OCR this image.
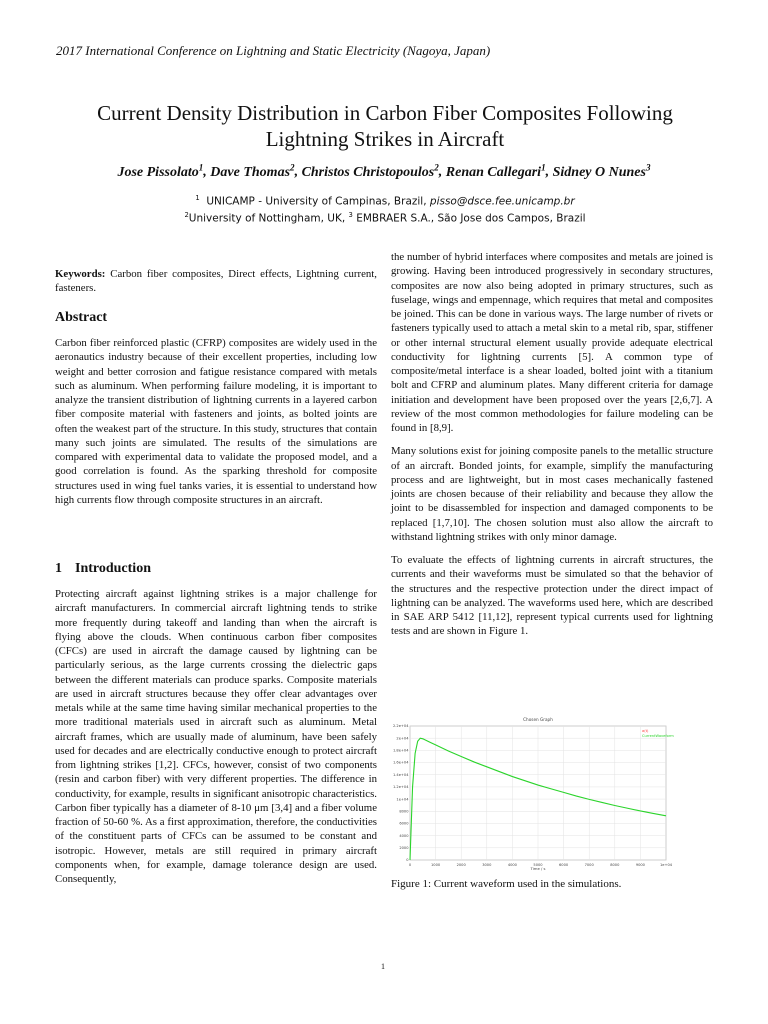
2017 International Conference on Lightning and Static Electricity (Nagoya, Japan)
Current Density Distribution in Carbon Fiber Composites Following
Lightning Strikes in Aircraft
Jose Pissolato$^1$, Dave Thomas$^2$, Christos Christopoulos$^2$, Renan Callegari$^1$, Sidney O Nunes$^3$
$^1$ UNICAMP - University of Campinas, Brazil, pisso@dsce.fee.unicamp.br
$^2$University of Nottingham, UK, $^3$ EMBRAER S.A., São Jose dos Campos, Brazil
Keywords: Carbon fiber composites, Direct effects, Lightning current, fasteners.
Abstract

Carbon fiber reinforced plastic (CFRP) composites are widely used in the aeronautics industry because of their excellent properties, including low weight and better corrosion and fatigue resistance compared with metals such as aluminum. When performing failure modeling, it is important to analyze the transient distribution of lightning currents in a layered carbon fiber composite material with fasteners and joints, as bolted joints are often the weakest part of the structure. In this study, structures that contain many such joints are simulated. The results of the simulations are compared with experimental data to validate the proposed model, and a good correlation is found. As the sparking threshold for composite structures used in wing fuel tanks varies, it is essential to understand how high currents flow through composite structures in an aircraft.

1 Introduction

Protecting aircraft against lightning strikes is a major challenge for aircraft manufacturers. In commercial aircraft lightning tends to strike more frequently during takeoff and landing than when the aircraft is flying above the clouds. When continuous carbon fiber composites (CFCs) are used in aircraft the damage caused by lightning can be particularly serious, as the large currents crossing the dielectric gaps between the different materials can produce sparks. Composite materials are used in aircraft structures because they offer clear advantages over metals while at the same time having similar mechanical properties to the more traditional materials used in aircraft such as aluminum. Metal aircraft frames, which are usually made of aluminum, have been safely used for decades and are electrically conductive enough to protect aircraft from lightning strikes [1,2]. CFCs, however, consist of two components (resin and carbon fiber) with very different properties. The difference in conductivity, for example, results in significant anisotropic characteristics. Carbon fiber typically has a diameter of 8-10 μm [3,4] and a fiber volume fraction of 50-60 %. As a first approximation, therefore, the conductivities of the constituent parts of CFCs can be assumed to be constant and isotropic. However, metals are still required in primary aircraft components when, for example, damage tolerance design are used. Consequently,

the number of hybrid interfaces where composites and metals are joined is growing. Having been introduced progressively in secondary structures, composites are now also being adopted in primary structures, such as fuselage, wings and empennage, which requires that metal and composites be joined. This can be done in various ways. The large number of rivets or fasteners typically used to attach a metal skin to a metal rib, spar, stiffener or other internal structural element usually provide adequate electrical conductivity for lightning currents [5]. A common type of composite/metal interface is a shear loaded, bolted joint with a titanium bolt and CFRP and aluminum plates. Many different criteria for damage initiation and development have been proposed over the years [2,6,7]. A review of the most common methodologies for failure modeling can be found in [8,9].

Many solutions exist for joining composite panels to the metallic structure of an aircraft. Bonded joints, for example, simplify the manufacturing process and are lightweight, but in most cases mechanically fastened joints are chosen because of their reliability and because they allow the joint to be disassembled for inspection and damaged components to be replaced [1,7,10]. The chosen solution must also allow the aircraft to withstand lightning strikes with only minor damage.

To evaluate the effects of lightning currents in aircraft structures, the currents and their waveforms must be simulated so that the behavior of the structures and the respective protection under the direct impact of lightning can be analyzed. The waveforms used here, which are described in SAE ARP 5412 [11,12], represent typical currents used for lightning tests and are shown in Figure 1.

0	1000	2000	3000	4000	5000	6000	7000	8000	9000	1e+04
0
2000
4000
6000
8000
1e+04
1.2e+04
1.4e+04
1.6e+04
1.8e+04
2e+04
2.2e+04
Chosen Graph
Time / s
a(t)
CurrentWaveform
Figure 1: Current waveform used in the simulations.
1
